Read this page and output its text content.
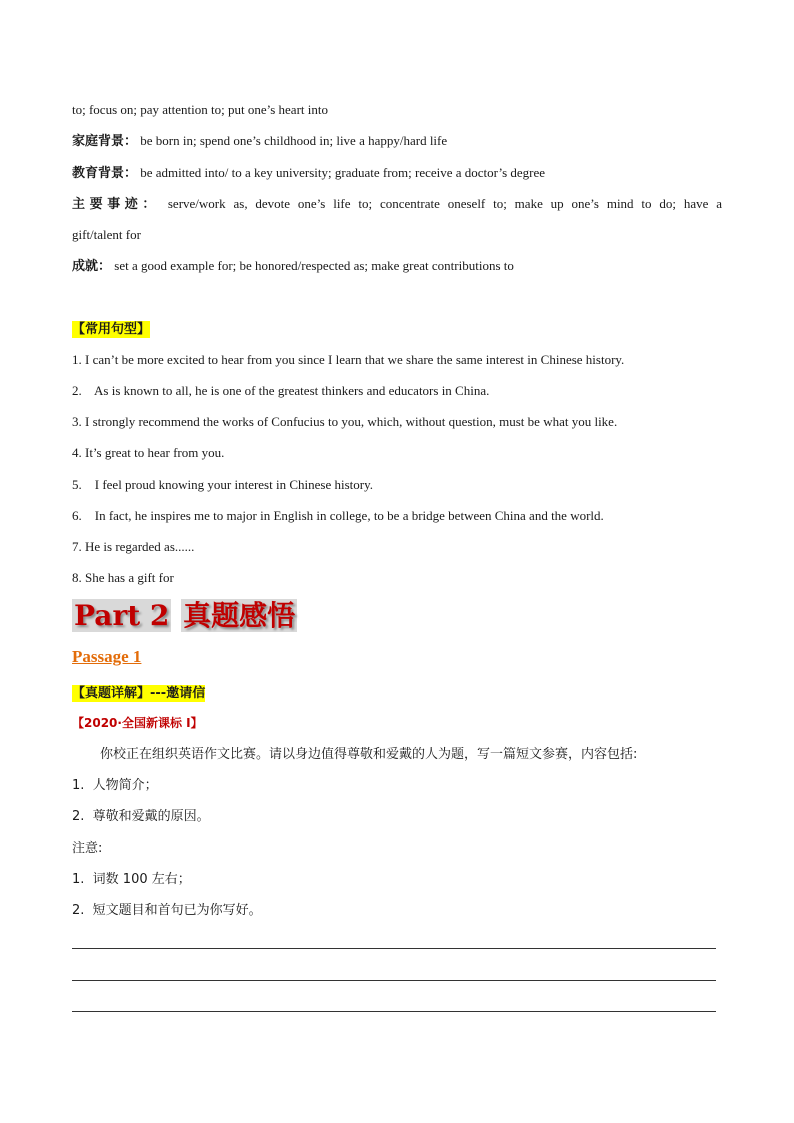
to; focus on; pay attention to; put one’s heart into
家庭背景： be born in; spend one’s childhood in; live a happy/hard life
教育背景： be admitted into/ to a key university; graduate from; receive a doctor’s degree
主要事迹： serve/work as, devote one’s life to; concentrate oneself to; make up one’s mind to do; have a
gift/talent for
成就： set a good example for; be honored/respected as; make great contributions to
【常用句型】
1. I can’t be more excited to hear from you since I learn that we share the same interest in Chinese history.
2.    As is known to all, he is one of the greatest thinkers and educators in China.
3. I strongly recommend the works of Confucius to you, which, without question, must be what you like.
4. It’s great to hear from you.
5.    I feel proud knowing your interest in Chinese history.
6.    In fact, he inspires me to major in English in college, to be a bridge between China and the world.
7. He is regarded as......
8. She has a gift for
Part 2 真题感悟
Passage 1
【真题详解】---邀请信
【2020·全国新课标 I】
你校正在组织英语作文比赛。请以身边值得尊敬和爱戴的人为题，写一篇短文参赛，内容包括:
1.  人物简介；
2.  尊敬和爱戴的原因。
注意:
1.  词数 100 左右；
2.  短文题目和首句已为你写好。
